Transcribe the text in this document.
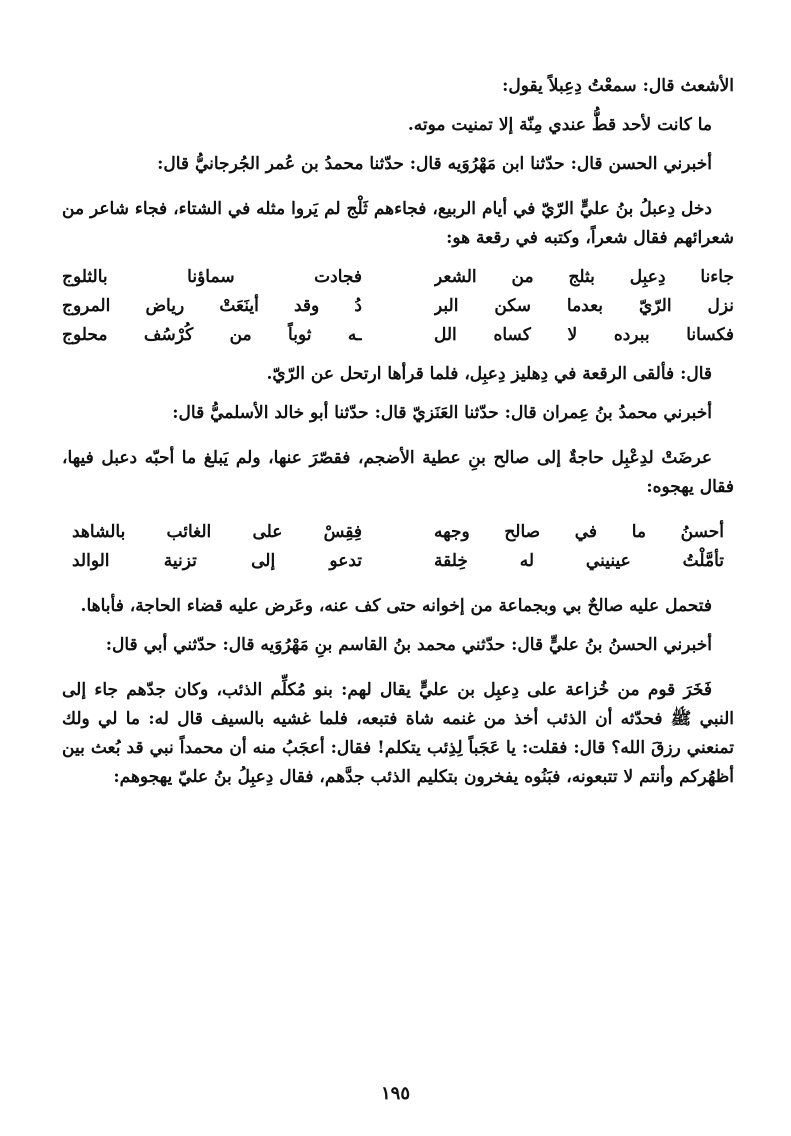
الأشعث قال: سمعْتُ دِعِبلاً يقول:

ما كانت لأحد قطُّ عندي مِنّة إلا تمنيت موته.

أخبرني الحسن قال: حدّثنا ابن مَهْرُوَيه قال: حدّثنا محمدُ بن عُمر الجُرجانيُّ قال:

دخل دِعبلُ بنُ عليٍّ الرّيّ في أيام الربيع، فجاءهم ثَلْج لم يَروا مثله في الشتاء، فجاء شاعر من شعرائهم فقال شعراً، وكتبه في رقعة هو:

جاءنا دِعبِل بثلج من الشعر
فجادت سماؤنا بالثلوج
نزل الرّيّ بعدما سكن البر
دُ وقد أينَعَتْ رياض المروج
فكسانا ببرده لا كساه الل
ـه ثوباً من كُرْسُف محلوج

قال: فألقى الرقعة في دِهليز دِعبِل، فلما قرأها ارتحل عن الرّيّ.

أخبرني محمدُ بنُ عِمران قال: حدّثنا العَنَزيّ قال: حدّثنا أبو خالد الأسلميُّ قال:

عرضَتْ لدِعْبِل حاجةٌ إلى صالح بنِ عطية الأضجم، فقصّرَ عنها، ولم يَبلغ ما أحبّه دعبل فيها، فقال يهجوه:

أحسنُ ما في صالح وجهه
فِقِسْ على الغائب بالشاهد
تأمَّلْتُ عينيني له خِلقة
تدعو إلى تزنية الوالد

فتحمل عليه صالحٌ بي وبجماعة من إخوانه حتى كف عنه، وعَرض عليه قضاء الحاجة، فأباها.

أخبرني الحسنُ بنُ عليٍّ قال: حدّثني محمد بنُ القاسم بنِ مَهْرُوَيه قال: حدّثني أبي قال:

فَخَرَ قوم من خُزاعة على دِعبِل بن عليٍّ يقال لهم: بنو مُكلِّم الذئب، وكان جدّهم جاء إلى النبي ﷺ فحدّثه أن الذئب أخذ من غنمه شاة فتبعه، فلما غشيه بالسيف قال له: ما لي ولك تمنعني رزقَ الله؟ قال: فقلت: يا عَجَباً لِذِئب يتكلم! فقال: أعجَبُ منه أن محمداً نبي قد بُعث بين أظهُركم وأنتم لا تتبعونه، فبَنُوه يفخرون بتكليم الذئب جدَّهم، فقال دِعبِلُ بنُ عليّ يهجوهم:

١٩٥
